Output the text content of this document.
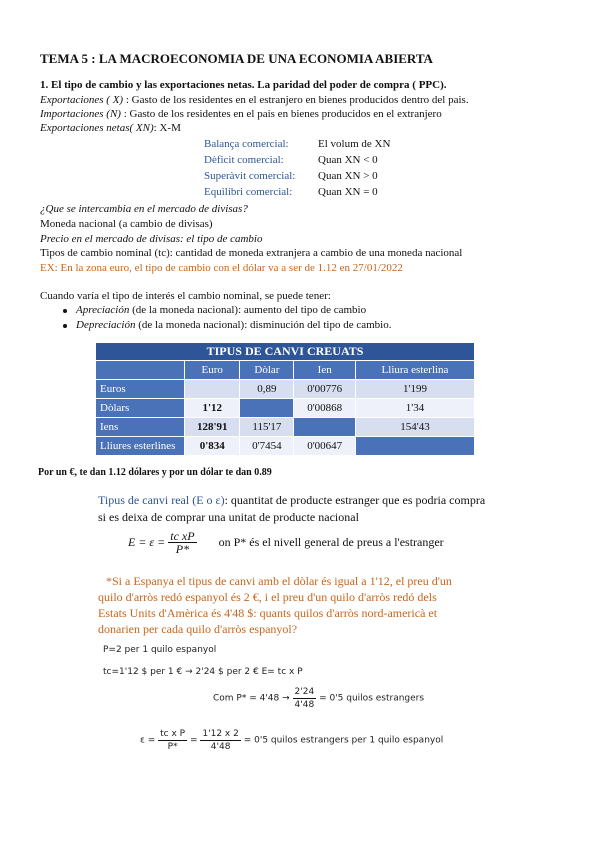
TEMA 5 : LA MACROECONOMIA DE UNA ECONOMIA ABIERTA
1. El tipo de cambio y las exportaciones netas. La paridad del poder de compra ( PPC).
Exportaciones ( X) : Gasto de los residentes en el estranjero en bienes producidos dentro del pais.
Importaciones (N) : Gasto de los residentes en el pais en bienes producidos en el extranjero
Exportaciones netas( XN): X-M
Balança comercial:	El volum de XN
Dèficit comercial:	Quan XN < 0
Superàvit comercial: Quan XN > 0
Equilibri comercial: Quan XN = 0
¿Que se intercambia en el mercado de divisas?
Moneda nacional (a cambio de divisas)
Precio en el mercado de divisas: el tipo de cambio
Tipos de cambio nominal (tc): cantidad de moneda extranjera a cambio de una moneda nacional
EX: En la zona euro, el tipo de cambio con el dólar va a ser de 1.12 en 27/01/2022
Cuando varía el tipo de interés el cambio nominal, se puede tener:
Apreciación (de la moneda nacional): aumento del tipo de cambio
Depreciación (de la moneda nacional): disminución del tipo de cambio.
TIPUS DE CANVI CREUATS				
	Euro	Dòlar	Ien	Lliura esterlina
Euros		0,89	0'00776	1'199
Dòlars	1'12		0'00868	1'34
Iens	128'91	115'17		154'43
Lliures esterlines	0'834	0'7454	0'00647	
Por un €, te dan 1.12 dólares y por un dólar te dan 0.89
Tipus de canvi real (E o ε): quantitat de producte estranger que es podria compra
si es deixa de comprar una unitat de producte nacional
$E = \varepsilon = \frac{\text{tc xP}}{P*}$ on P* és el nivell general de preus a l'estranger
*Si a Espanya el tipus de canvi amb el dòlar és igual a 1'12, el preu d'un
quilo d'arròs redó espanyol és 2 €, i el preu d'un quilo d'arròs redó dels
Estats Units d'Amèrica és 4'48 $: quants quilos d'arròs nord-americà et
donarien per cada quilo d'arròs espanyol?
P=2 per 1 quilo espanyol
tc=1'12 $ per 1 € → 2'24 $ per 2 € E= tc x P
Com $P* = 4'48 \to \frac{2'24}{4'48} = 0'5$ quilos estrangers
$\varepsilon = \frac{\text{tc x P}}{P*} = \frac{1'12 x 2}{4'48} = 0'5$ quilos estrangers per 1 quilo espanyol
